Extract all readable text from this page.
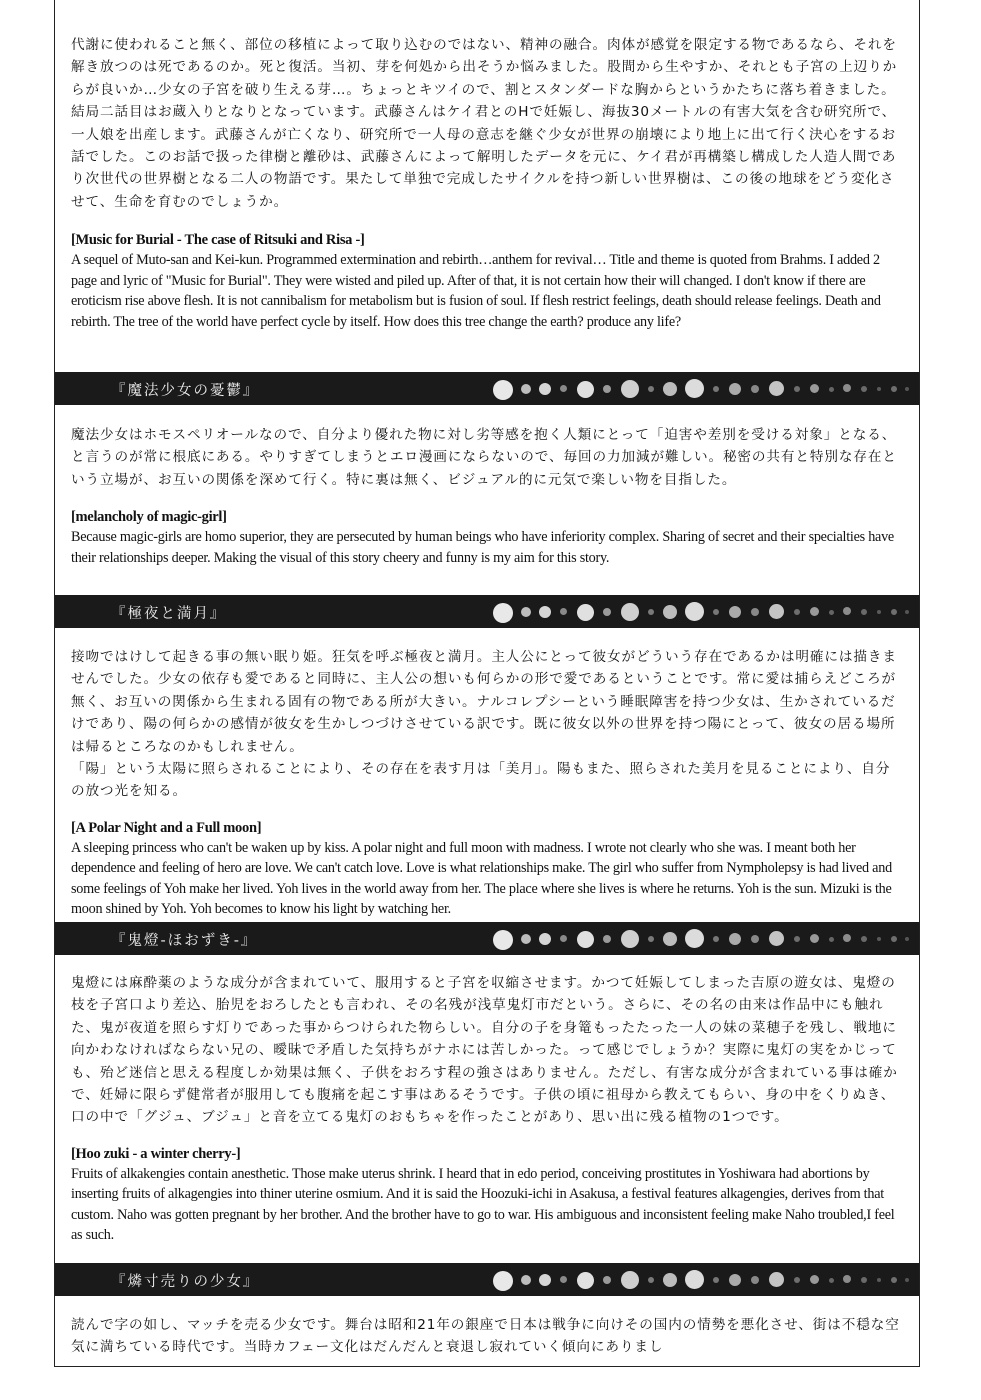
代謝に使われること無く、部位の移植によって取り込むのではない、精神の融合。肉体が感覚を限定する物であるなら、それを解き放つのは死であるのか。死と復活。当初、芽を何処から出そうか悩みました。股間から生やすか、それとも子宮の上辺りからが良いか…少女の子宮を破り生える芽…。ちょっとキツイので、割とスタンダードな胸からというかたちに落ち着きました。結局二話目はお蔵入りとなりとなっています。武藤さんはケイ君とのHで妊娠し、海抜30メートルの有害大気を含む研究所で、一人娘を出産します。武藤さんが亡くなり、研究所で一人母の意志を継ぐ少女が世界の崩壊により地上に出て行く決心をするお話でした。このお話で扱った律樹と離砂は、武藤さんによって解明したデータを元に、ケイ君が再構築し構成した人造人間であり次世代の世界樹となる二人の物語です。果たして単独で完成したサイクルを持つ新しい世界樹は、この後の地球をどう変化させて、生命を育むのでしょうか。

[Music for Burial - The case of Ritsuki and Risa -]

A sequel of Muto-san and Kei-kun. Programmed extermination and rebirth…anthem for revival… Title and theme is quoted from Brahms. I added 2 page and lyric of "Music for Burial". They were wisted and piled up. After of that, it is not certain how their will changed. I don't know if there are eroticism rise above flesh. It is not cannibalism for metabolism but is fusion of soul. If flesh restrict feelings, death should release feelings. Death and rebirth. The tree of the world have perfect cycle by itself. How does this tree change the earth? produce any life?

『魔法少女の憂鬱』

魔法少女はホモスペリオールなので、自分より優れた物に対し劣等感を抱く人類にとって「迫害や差別を受ける対象」となる、と言うのが常に根底にある。やりすぎてしまうとエロ漫画にならないので、毎回の力加減が難しい。秘密の共有と特別な存在という立場が、お互いの関係を深めて行く。特に裏は無く、ビジュアル的に元気で楽しい物を目指した。

[melancholy of magic-girl]

Because magic-girls are homo superior, they are persecuted by human beings who have inferiority complex. Sharing of secret and their specialties have their relationships deeper. Making the visual of this story cheery and funny is my aim for this story.

『極夜と満月』

接吻ではけして起きる事の無い眠り姫。狂気を呼ぶ極夜と満月。主人公にとって彼女がどういう存在であるかは明確には描きませんでした。少女の依存も愛であると同時に、主人公の想いも何らかの形で愛であるということです。常に愛は捕らえどころが無く、お互いの関係から生まれる固有の物である所が大きい。ナルコレプシーという睡眠障害を持つ少女は、生かされているだけであり、陽の何らかの感情が彼女を生かしつづけさせている訳です。既に彼女以外の世界を持つ陽にとって、彼女の居る場所は帰るところなのかもしれません。
「陽」という太陽に照らされることにより、その存在を表す月は「美月」。陽もまた、照らされた美月を見ることにより、自分の放つ光を知る。

[A Polar Night and a Full moon]

A sleeping princess who can't be waken up by kiss. A polar night and full moon with madness. I wrote not clearly who she was. I meant both her dependence and feeling of hero are love. We can't catch love. Love is what relationships make. The girl who suffer from Nympholepsy is had lived and some feelings of Yoh make her lived. Yoh lives in the world away from her. The place where she lives is where he returns. Yoh is the sun. Mizuki is the moon shined by Yoh. Yoh becomes to know his light by watching her.

『鬼燈-ほおずき-』

鬼燈には麻酔薬のような成分が含まれていて、服用すると子宮を収縮させます。かつて妊娠してしまった吉原の遊女は、鬼燈の枝を子宮口より差込、胎児をおろしたとも言われ、その名残が浅草鬼灯市だという。さらに、その名の由来は作品中にも触れた、鬼が夜道を照らす灯りであった事からつけられた物らしい。自分の子を身篭もったたった一人の妹の菜穂子を残し、戦地に向かわなければならない兄の、曖昧で矛盾した気持ちがナホには苦しかった。って感じでしょうか？実際に鬼灯の実をかじっても、殆ど迷信と思える程度しか効果は無く、子供をおろす程の強さはありません。ただし、有害な成分が含まれている事は確かで、妊婦に限らず健常者が服用しても腹痛を起こす事はあるそうです。子供の頃に祖母から教えてもらい、身の中をくりぬき、口の中で「グジュ、ブジュ」と音を立てる鬼灯のおもちゃを作ったことがあり、思い出に残る植物の1つです。

[Hoo zuki - a winter cherry-]

Fruits of alkakengies contain anesthetic. Those make uterus shrink. I heard that in edo period, conceiving prostitutes in Yoshiwara had abortions by inserting fruits of alkagengies into thiner uterine osmium. And it is said the Hoozuki-ichi in Asakusa, a festival features alkagengies, derives from that custom. Naho was gotten pregnant by her brother. And the brother have to go to war. His ambiguous and inconsistent feeling make Naho troubled,I feel as such.

『燐寸売りの少女』

読んで字の如し、マッチを売る少女です。舞台は昭和21年の銀座で日本は戦争に向けその国内の情勢を悪化させ、街は不穏な空気に満ちている時代です。当時カフェー文化はだんだんと衰退し寂れていく傾向にありまし
